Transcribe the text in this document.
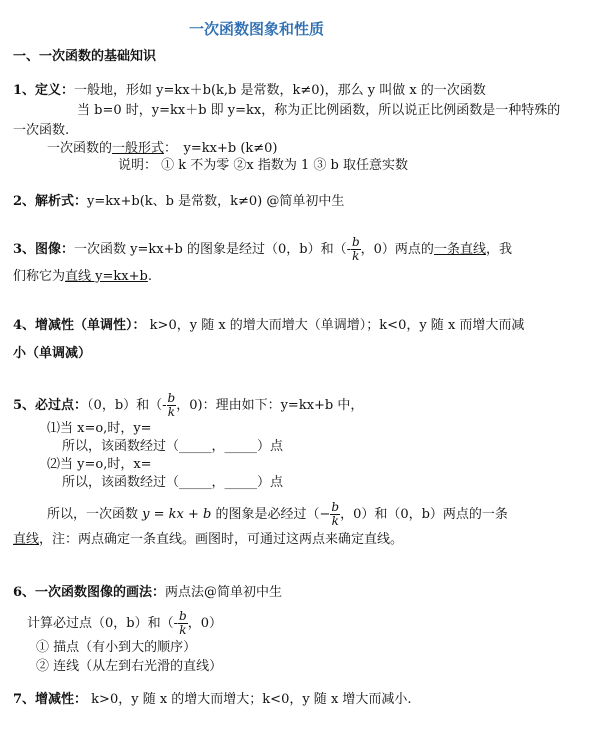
一次函数图象和性质
一、一次函数的基础知识
1、定义：一般地，形如 y=kx＋b(k,b 是常数，k≠0)，那么 y 叫做 x 的一次函数
当 b=0 时，y=kx＋b 即 y=kx，称为正比例函数，所以说正比例函数是一种特殊的
一次函数.
一次函数的一般形式：　y=kx+b (k≠0)
说明： ① k 不为零 ②x 指数为 1 ③ b 取任意实数
2、解析式：y=kx+b(k、b 是常数，k≠0) @简单初中生
3、图像：一次函数 y=kx+b 的图象是经过（0，b）和（- $\frac{b}{k}$ ，0）两点的一条直线，我
们称它为直线 y=kx+b.
4、增减性（单调性）： k>0，y 随 x 的增大而增大（单调增）；k<0，y 随 x 而增大而减
小（单调减）
5、必过点：（0，b）和（- $\frac{b}{k}$ ，0)：理由如下：y=kx+b 中，
⑴当 x=o,时，y=
所以，该函数经过（_____，_____）点
⑵当 y=o,时，x=
所以，该函数经过（_____，_____）点
所以，一次函数 y = kx + b 的图象是必经过（− $\frac{b}{k}$ ，0）和（0，b）两点的一条
直线，注：两点确定一条直线。画图时，可通过这两点来确定直线。
6、一次函数图像的画法：两点法@简单初中生
计算必过点（0，b）和（- $\frac{b}{k}$ ，0）
① 描点（有小到大的顺序）
② 连线（从左到右光滑的直线）
7、增减性： k>0，y 随 x 的增大而增大；k<0，y 随 x 增大而减小.
